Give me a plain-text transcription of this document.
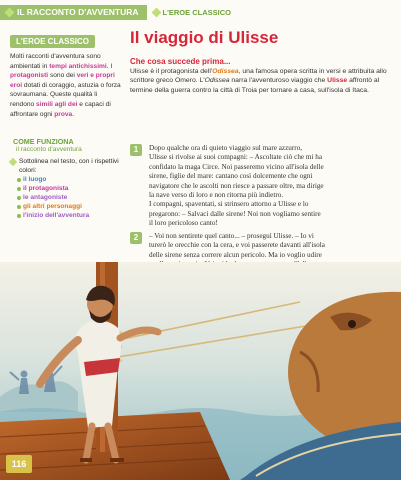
IL RACCONTO D'AVVENTURA	L'EROE CLASSICO
L'EROE CLASSICO
Molti racconti d'avventura sono ambientati in tempi antichissimi. I protagonisti sono dei veri e propri eroi dotati di coraggio, astuzia o forza sovraumana. Queste qualità li rendono simili agli dei e capaci di affrontare ogni prova.
COME FUNZIONA
il racconto d'avventura
Sottolinea nel testo, con i rispettivi colori:
il luogo
il protagonista
le antagoniste
gli altri personaggi
l'inizio dell'avventura
Il viaggio di Ulisse
Che cosa succede prima...
Ulisse è il protagonista dell'Odissea, una famosa opera scritta in versi e attribuita allo scrittore greco Omero. L'Odissea narra l'avventuroso viaggio che Ulisse affrontò al termine della guerra contro la città di Troia per tornare a casa, sull'isola di Itaca.
1	Dopo qualche ora di quieto viaggio sul mare azzurro,

Ulisse si rivolse ai suoi compagni: – Ascoltate ciò che mi ha

confidato la maga Circe. Noi passeremo vicino all'isola delle

sirene, figlie del mare: cantano così dolcemente che ogni

navigatore che le ascolti non riesce a passare oltre, ma dirige

la nave verso di loro e non ritorna più indietro.

I compagni, spaventati, si strinsero attorno a Ulisse e lo

pregarono: – Salvaci dalle sirene! Noi non vogliamo sentire

il loro pericoloso canto!

2	– Voi non sentirete quel canto... – proseguì Ulisse. – Io vi

turerò le orecchie con la cera, e voi passerete davanti all'isola

delle sirene senza correre alcun pericolo. Ma io voglio udire

116
